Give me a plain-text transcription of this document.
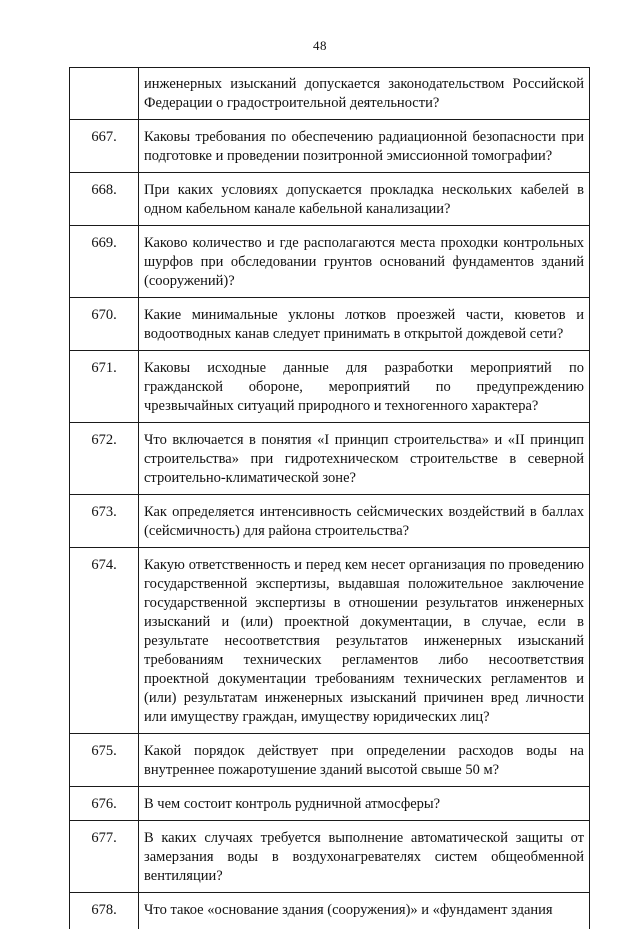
48
	инженерных изысканий допускается законодательством Российской Федерации о градостроительной деятельности?
667.	Каковы требования по обеспечению радиационной безопасности при подготовке и проведении позитронной эмиссионной томографии?
668.	При каких условиях допускается прокладка нескольких кабелей в одном кабельном канале кабельной канализации?
669.	Каково количество и где располагаются места проходки контрольных шурфов при обследовании грунтов оснований фундаментов зданий (сооружений)?
670.	Какие минимальные уклоны лотков проезжей части, кюветов и водоотводных канав следует принимать в открытой дождевой сети?
671.	Каковы исходные данные для разработки мероприятий по гражданской обороне, мероприятий по предупреждению чрезвычайных ситуаций природного и техногенного характера?
672.	Что включается в понятия «I принцип строительства» и «II принцип строительства» при гидротехническом строительстве в северной строительно-климатической зоне?
673.	Как определяется интенсивность сейсмических воздействий в баллах (сейсмичность) для района строительства?
674.	Какую ответственность и перед кем несет организация по проведению государственной экспертизы, выдавшая положительное заключение государственной экспертизы в отношении результатов инженерных изысканий и (или) проектной документации, в случае, если в результате несоответствия результатов инженерных изысканий требованиям технических регламентов либо несоответствия проектной документации требованиям технических регламентов и (или) результатам инженерных изысканий причинен вред личности или имуществу граждан, имуществу юридических лиц?
675.	Какой порядок действует при определении расходов воды на внутреннее пожаротушение зданий высотой свыше 50 м?
676.	В чем состоит контроль рудничной атмосферы?
677.	В каких случаях требуется выполнение автоматической защиты от замерзания воды в воздухонагревателях систем общеобменной вентиляции?
678.	Что такое «основание здания (сооружения)» и «фундамент здания
